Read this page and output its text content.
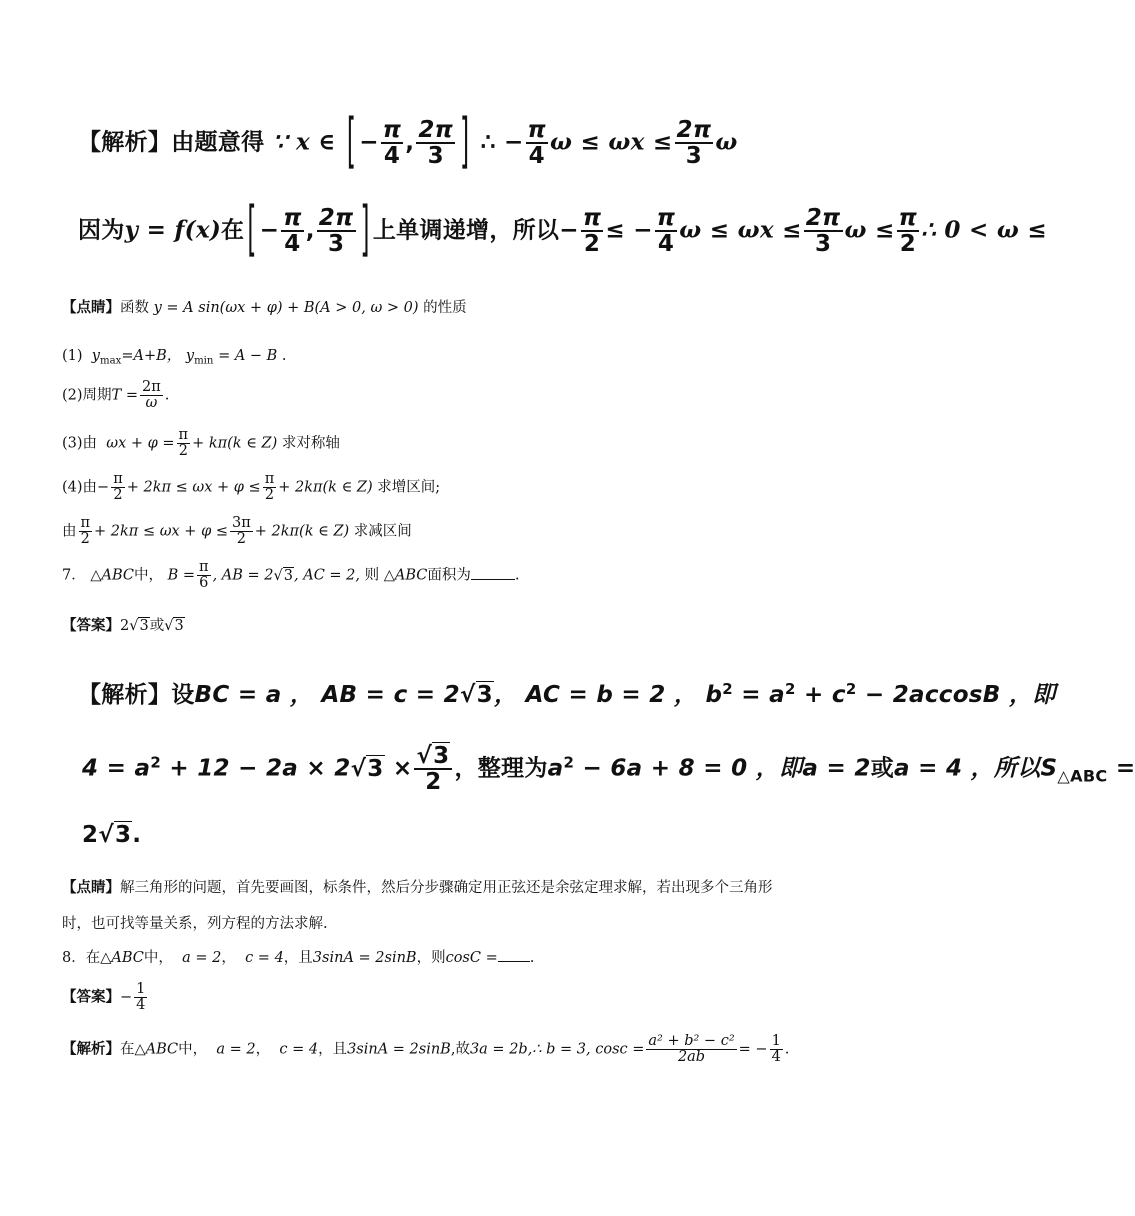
【解析】由题意得 ∵ x ∈ [ − $\frac{\pi}{4}$ , $\frac{2\pi}{3}$ ] ∴ − $\frac{\pi}{4}$ $\omega \le \omega x \le \frac{2\pi}{3}$ ω
因为y = f(x)在 [ − $\frac{\pi}{4}$ , $\frac{2\pi}{3}$ ] 上单调递增，所以− $\frac{\pi}{2}$ ≤ − $\frac{\pi}{4}$ $\omega \le \omega x \le \frac{2\pi}{3}$ $\omega \le \frac{\pi}{2}$ ∴ 0 < ω ≤
【点睛】函数 y = A sin(ωx + φ) + B(A > 0, ω > 0) 的性质
(1) $y_{max}=A+B$， $y_{min} = A - B$ .
(2)周期$T = \frac{2\pi}{\omega}$ .
(3)由 $\omega x + \varphi = \frac{\pi}{2} + k\pi(k$ ∈ Z) 求对称轴
(4)由− $\frac{\pi}{2} + 2k\pi \le \omega x + \varphi \le \frac{\pi}{2} + 2k\pi(k$ ∈ Z) 求增区间;
由 $\frac{\pi}{2} + 2k\pi \le \omega x + \varphi \le \frac{3\pi}{2} + 2k\pi(k$ ∈ Z) 求减区间
7． △ABC中， $B = \frac{\pi}{6}$ , AB = 2√3, AC = 2, 则 △ABC面积为	.
【答案】2√3或√3
【解析】设BC = a ， AB = c = 2√3， AC = b = 2 ， $b^2 = a^2 + c^2 - 2accosB$ ，即
$4 = a^2 + 12 - 2a \times 2√3 \times \frac{√3}{2}$ ，整理为$a^2 - 6a + 8 = 0$ ，即a = 2或a = 4 ，所以$S_{\triangle ABC}$ =
2√3.
【点睛】解三角形的问题，首先要画图，标条件，然后分步骤确定用正弦还是余弦定理求解，若出现多个三角形
时，也可找等量关系，列方程的方法求解.
8．在△ABC中， a = 2， c = 4，且3sinA = 2sinB，则cosC = .
【答案】− $\frac{1}{4}$
【解析】在△ABC中， a = 2， c = 4，且3sinA = 2sinB,故3a = 2b,∴ b = 3, $\cos c = \frac{\text{a² + b² − c²}}{2ab}$ = − $\frac{1}{4}$ .
